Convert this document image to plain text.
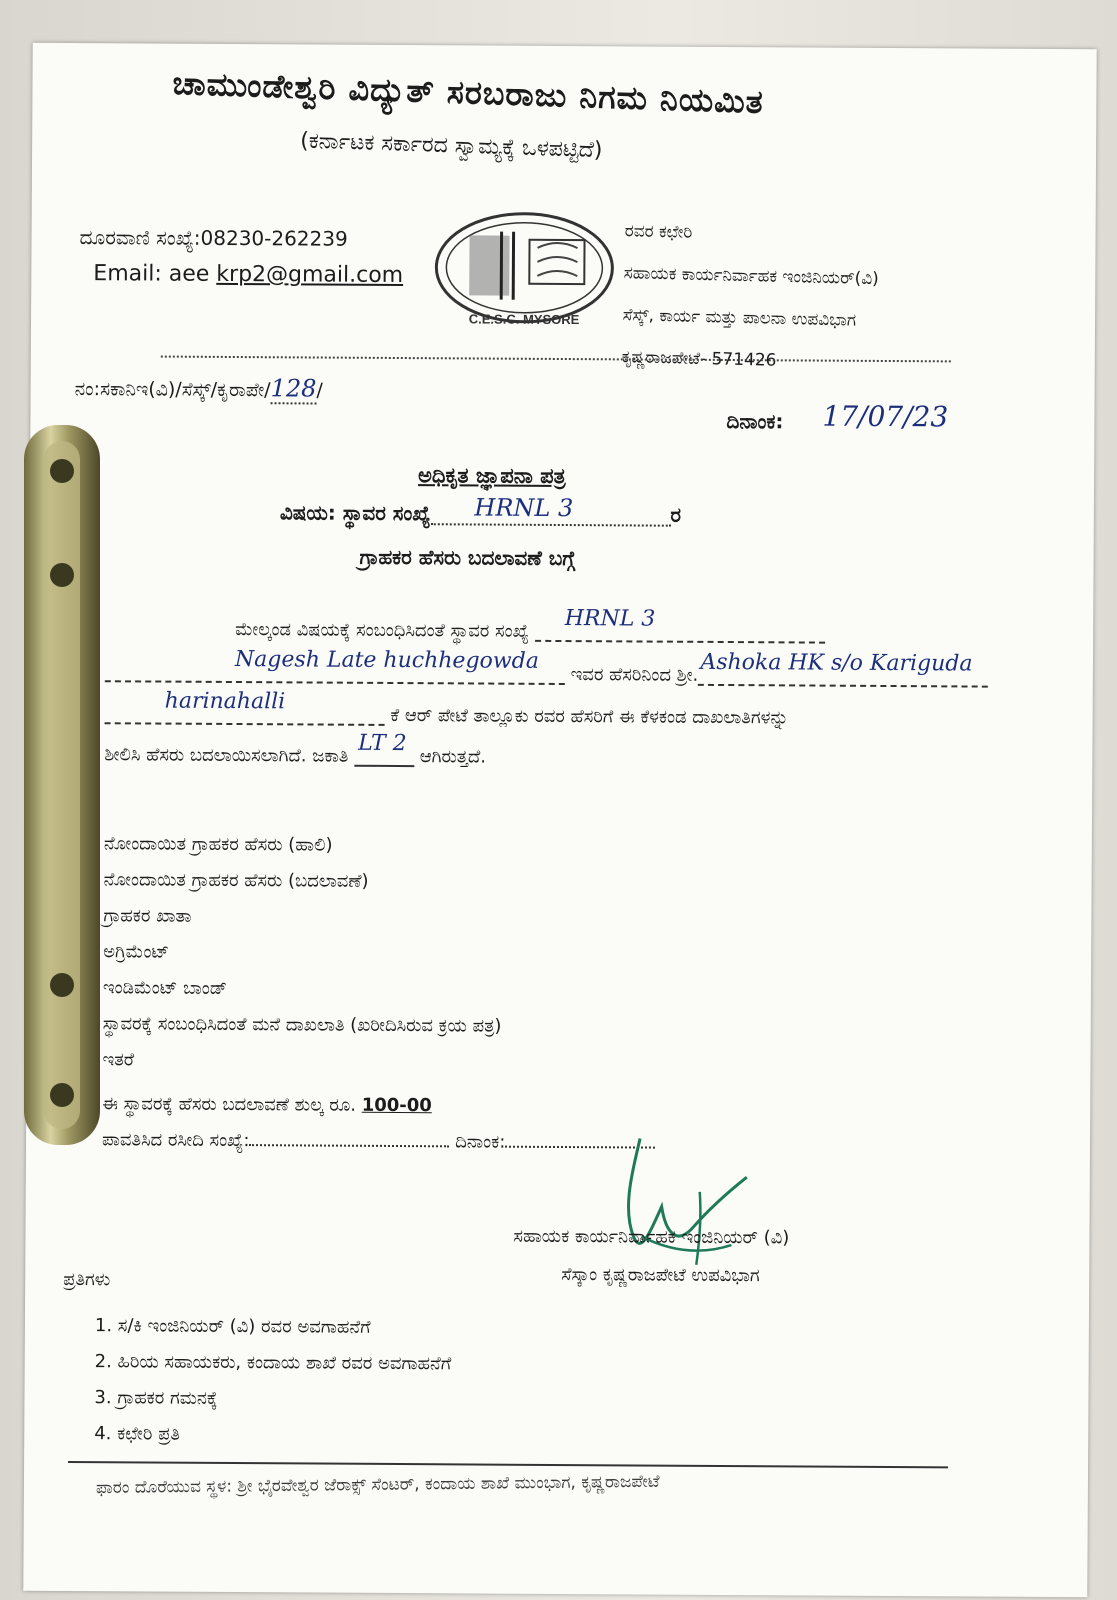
ಚಾಮುಂಡೇಶ್ವರಿ ವಿದ್ಯುತ್ ಸರಬರಾಜು ನಿಗಮ ನಿಯಮಿತ
(ಕರ್ನಾಟಕ ಸರ್ಕಾರದ ಸ್ವಾಮ್ಯಕ್ಕೆ ಒಳಪಟ್ಟಿದೆ)
ದೂರವಾಣಿ ಸಂಖ್ಯೆ:08230-262239
Email: aee krp2@gmail.com
C.E.S.C. MYSORE
ರವರ ಕಛೇರಿ
ಸಹಾಯಕ ಕಾರ್ಯನಿರ್ವಾಹಕ ಇಂಜಿನಿಯರ್(ವಿ)
ಸೆಸ್ಕ್, ಕಾರ್ಯ ಮತ್ತು ಪಾಲನಾ ಉಪವಿಭಾಗ
ಕೃಷ್ಣರಾಜಪೇಟೆ- 571426
ನಂ:ಸಕಾನಿಇ(ವಿ)/ಸೆಸ್ಕ್/ಕೃರಾಪೇ/128/
ದಿನಾಂಕ: 17/07/23
ಅಧಿಕೃತ ಜ್ಞಾಪನಾ ಪತ್ರ
ವಿಷಯ: ಸ್ಥಾವರ ಸಂಖ್ಯೆ HRNL 3	ರ
ಗ್ರಾಹಕರ ಹೆಸರು ಬದಲಾವಣೆ ಬಗ್ಗೆ
ಮೇಲ್ಕಂಡ ವಿಷಯಕ್ಕೆ ಸಂಬಂಧಿಸಿದಂತೆ ಸ್ಥಾವರ ಸಂಖ್ಯೆ HRNL 3
Nagesh Late huchhegowda
ಇವರ ಹೆಸರಿನಿಂದ ಶ್ರೀ. Ashoka HK s/o Kariguda
harinahalli
ಕೆ ಆರ್ ಪೇಟೆ ತಾಲ್ಲೂಕು ರವರ ಹೆಸರಿಗೆ ಈ ಕೆಳಕಂಡ ದಾಖಲಾತಿಗಳನ್ನು
ಶೀಲಿಸಿ ಹೆಸರು ಬದಲಾಯಿಸಲಾಗಿದೆ. ಜಕಾತಿ LT 2
ಆಗಿರುತ್ತದೆ.
ನೋಂದಾಯಿತ ಗ್ರಾಹಕರ ಹೆಸರು (ಹಾಲಿ)
ನೋಂದಾಯಿತ ಗ್ರಾಹಕರ ಹೆಸರು (ಬದಲಾವಣೆ)
ಗ್ರಾಹಕರ ಖಾತಾ
ಅಗ್ರಿಮೆಂಟ್
ಇಂಡಿಮೆಂಟ್ ಬಾಂಡ್
ಸ್ಥಾವರಕ್ಕೆ ಸಂಬಂಧಿಸಿದಂತೆ ಮನೆ ದಾಖಲಾತಿ (ಖರೀದಿಸಿರುವ ಕ್ರಯ ಪತ್ರ)
ಇತರೆ
ಈ ಸ್ಥಾವರಕ್ಕೆ ಹೆಸರು ಬದಲಾವಣೆ ಶುಲ್ಕ ರೂ. 100-00
ಪಾವತಿಸಿದ ರಸೀದಿ ಸಂಖ್ಯೆ:	ದಿನಾಂಕ:
ಸಹಾಯಕ ಕಾರ್ಯನಿರ್ವಾಹಕ ಇಂಜಿನಿಯರ್ (ವಿ)
ಸೆಸ್ಕಾಂ ಕೃಷ್ಣರಾಜಪೇಟೆ ಉಪವಿಭಾಗ
ಪ್ರತಿಗಳು
1. ಸ/ಕಿ ಇಂಜಿನಿಯರ್ (ವಿ) ರವರ ಅವಗಾಹನೆಗೆ
2. ಹಿರಿಯ ಸಹಾಯಕರು, ಕಂದಾಯ ಶಾಖೆ ರವರ ಅವಗಾಹನೆಗೆ
3. ಗ್ರಾಹಕರ ಗಮನಕ್ಕೆ
4. ಕಛೇರಿ ಪ್ರತಿ
ಫಾರಂ ದೊರೆಯುವ ಸ್ಥಳ: ಶ್ರೀ ಭೈರವೇಶ್ವರ ಜೆರಾಕ್ಸ್ ಸೆಂಟರ್, ಕಂದಾಯ ಶಾಖೆ ಮುಂಭಾಗ, ಕೃಷ್ಣರಾಜಪೇಟೆ
